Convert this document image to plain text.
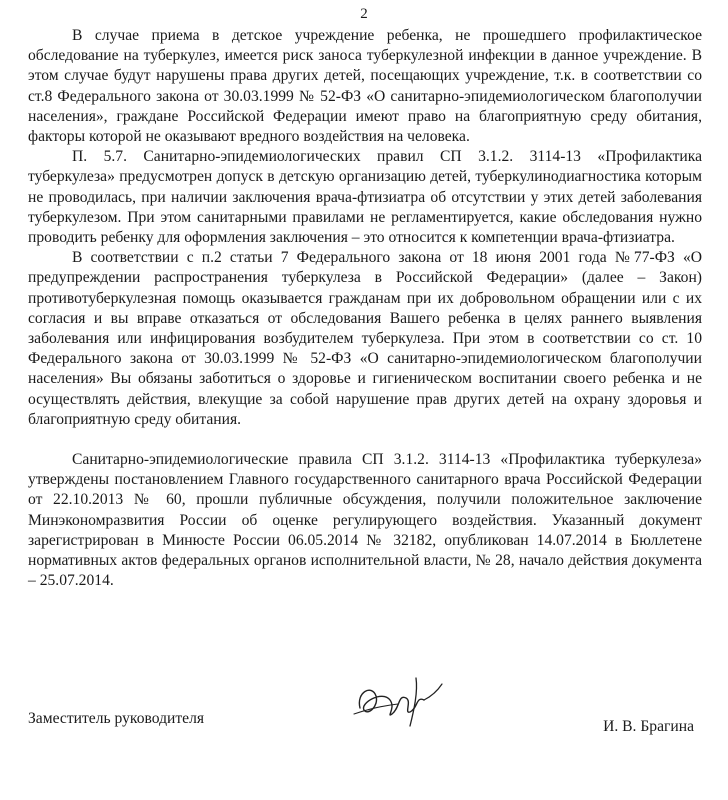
2

В случае приема в детское учреждение ребенка, не прошедшего профилактическое обследование на туберкулез, имеется риск заноса туберкулезной инфекции в данное учреждение. В этом случае будут нарушены права других детей, посещающих учреждение, т.к. в соответствии со ст.8 Федерального закона от 30.03.1999 № 52-ФЗ «О санитарно-эпидемиологическом благополучии населения», граждане Российской Федерации имеют право на благоприятную среду обитания, факторы которой не оказывают вредного воздействия на человека.

П. 5.7. Санитарно-эпидемиологических правил СП 3.1.2. 3114-13 «Профилактика туберкулеза» предусмотрен допуск в детскую организацию детей, туберкулинодиагностика которым не проводилась, при наличии заключения врача-фтизиатра об отсутствии у этих детей заболевания туберкулезом. При этом санитарными правилами не регламентируется, какие обследования нужно проводить ребенку для оформления заключения – это относится к компетенции врача-фтизиатра.

В соответствии с п.2 статьи 7 Федерального закона от 18 июня 2001 года №77-ФЗ «О предупреждении распространения туберкулеза в Российской Федерации» (далее – Закон) противотуберкулезная помощь оказывается гражданам при их добровольном обращении или с их согласия и вы вправе отказаться от обследования Вашего ребенка в целях раннего выявления заболевания или инфицирования возбудителем туберкулеза. При этом в соответствии со ст. 10 Федерального закона от 30.03.1999 № 52-ФЗ «О санитарно-эпидемиологическом благополучии населения» Вы обязаны заботиться о здоровье и гигиеническом воспитании своего ребенка и не осуществлять действия, влекущие за собой нарушение прав других детей на охрану здоровья и благоприятную среду обитания.

Санитарно-эпидемиологические правила СП 3.1.2. 3114-13 «Профилактика туберкулеза» утверждены постановлением Главного государственного санитарного врача Российской Федерации от 22.10.2013 № 60, прошли публичные обсуждения, получили положительное заключение Минэкономразвития России об оценке регулирующего воздействия. Указанный документ зарегистрирован в Минюсте России 06.05.2014 № 32182, опубликован 14.07.2014 в Бюллетене нормативных актов федеральных органов исполнительной власти, № 28, начало действия документа – 25.07.2014.

Заместитель руководителя	И. В. Брагина
